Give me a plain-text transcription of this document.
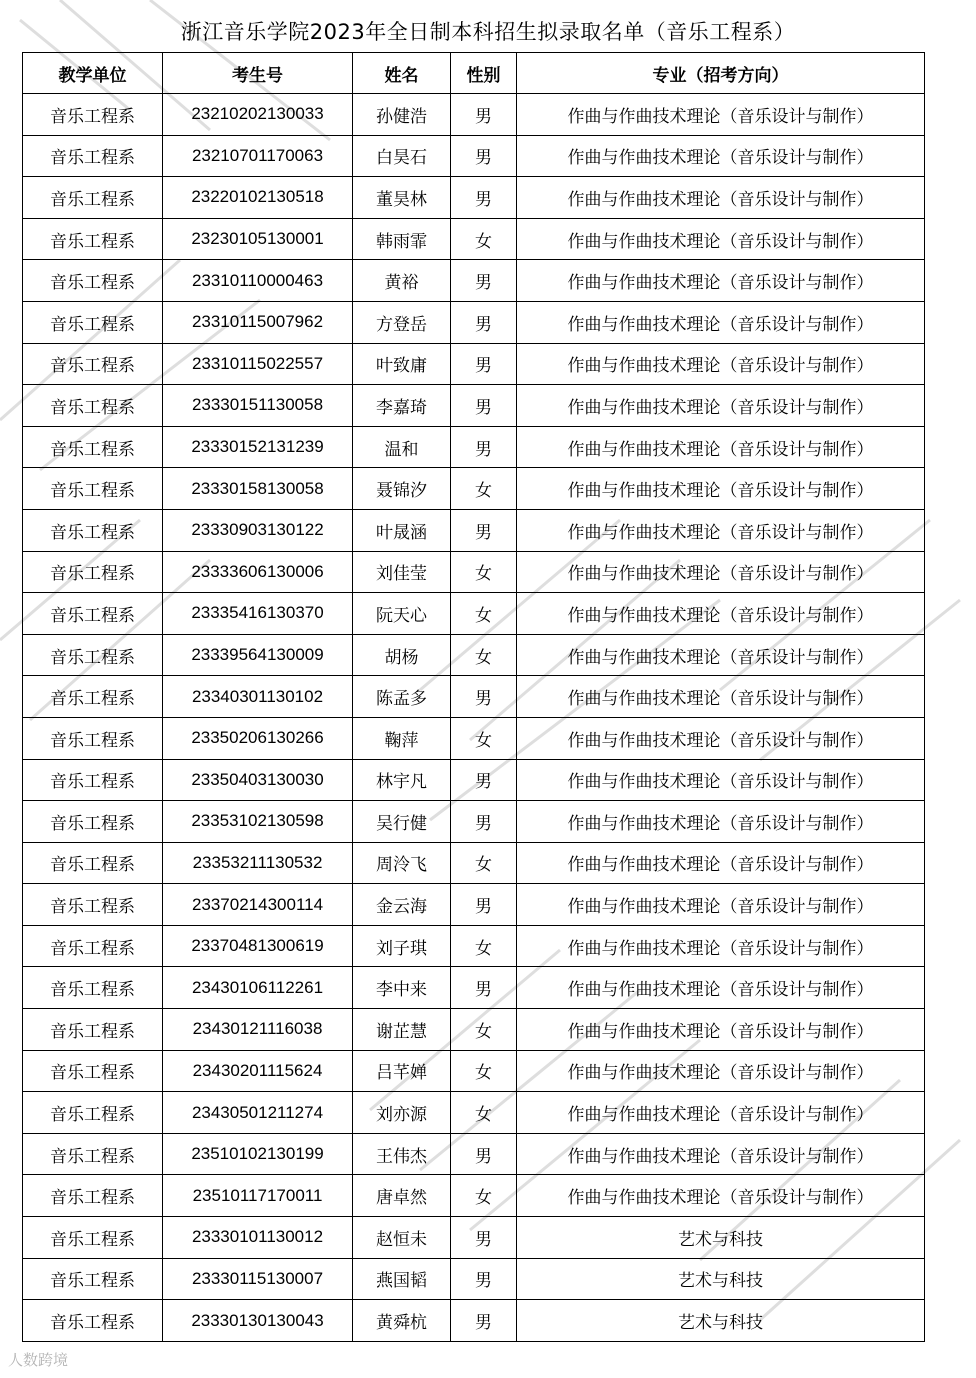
浙江音乐学院2023年全日制本科招生拟录取名单（音乐工程系）
教学单位	考生号	姓名	性别	专业（招考方向）
音乐工程系	23210202130033	孙健浩	男	作曲与作曲技术理论（音乐设计与制作）
音乐工程系	23210701170063	白昊石	男	作曲与作曲技术理论（音乐设计与制作）
音乐工程系	23220102130518	董昊林	男	作曲与作曲技术理论（音乐设计与制作）
音乐工程系	23230105130001	韩雨霏	女	作曲与作曲技术理论（音乐设计与制作）
音乐工程系	23310110000463	黄裕	男	作曲与作曲技术理论（音乐设计与制作）
音乐工程系	23310115007962	方登岳	男	作曲与作曲技术理论（音乐设计与制作）
音乐工程系	23310115022557	叶致庸	男	作曲与作曲技术理论（音乐设计与制作）
音乐工程系	23330151130058	李嘉琦	男	作曲与作曲技术理论（音乐设计与制作）
音乐工程系	23330152131239	温和	男	作曲与作曲技术理论（音乐设计与制作）
音乐工程系	23330158130058	聂锦汐	女	作曲与作曲技术理论（音乐设计与制作）
音乐工程系	23330903130122	叶晟涵	男	作曲与作曲技术理论（音乐设计与制作）
音乐工程系	23333606130006	刘佳莹	女	作曲与作曲技术理论（音乐设计与制作）
音乐工程系	23335416130370	阮天心	女	作曲与作曲技术理论（音乐设计与制作）
音乐工程系	23339564130009	胡杨	女	作曲与作曲技术理论（音乐设计与制作）
音乐工程系	23340301130102	陈孟多	男	作曲与作曲技术理论（音乐设计与制作）
音乐工程系	23350206130266	鞠萍	女	作曲与作曲技术理论（音乐设计与制作）
音乐工程系	23350403130030	林宇凡	男	作曲与作曲技术理论（音乐设计与制作）
音乐工程系	23353102130598	吴行健	男	作曲与作曲技术理论（音乐设计与制作）
音乐工程系	23353211130532	周泠飞	女	作曲与作曲技术理论（音乐设计与制作）
音乐工程系	23370214300114	金云海	男	作曲与作曲技术理论（音乐设计与制作）
音乐工程系	23370481300619	刘子琪	女	作曲与作曲技术理论（音乐设计与制作）
音乐工程系	23430106112261	李中来	男	作曲与作曲技术理论（音乐设计与制作）
音乐工程系	23430121116038	谢芷慧	女	作曲与作曲技术理论（音乐设计与制作）
音乐工程系	23430201115624	吕芊婵	女	作曲与作曲技术理论（音乐设计与制作）
音乐工程系	23430501211274	刘亦源	女	作曲与作曲技术理论（音乐设计与制作）
音乐工程系	23510102130199	王伟杰	男	作曲与作曲技术理论（音乐设计与制作）
音乐工程系	23510117170011	唐卓然	女	作曲与作曲技术理论（音乐设计与制作）
音乐工程系	23330101130012	赵恒未	男	艺术与科技
音乐工程系	23330115130007	燕国韬	男	艺术与科技
音乐工程系	23330130130043	黄舜杭	男	艺术与科技
人数跨境
